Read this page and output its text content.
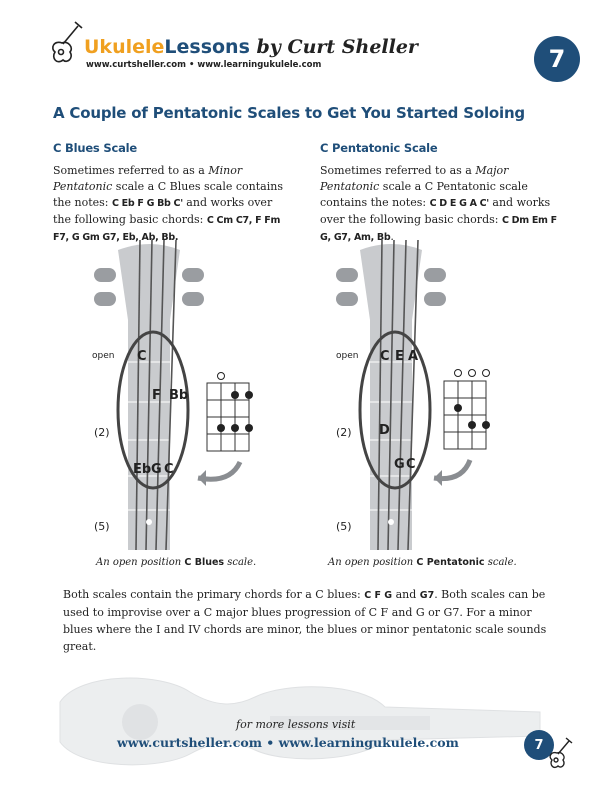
UkuleleLessons by Curt Sheller
www.curtsheller.com • www.learningukulele.com	7
A Couple of Pentatonic Scales to Get You Started Soloing
C Blues Scale
Sometimes referred to as a Minor Pentatonic scale a C Blues scale contains the notes: C Eb F G Bb C' and works over the following basic chords: C Cm C7, F Fm F7, G Gm G7, Eb, Ab, Bb.
C Pentatonic Scale
Sometimes referred to as a Major Pentatonic scale a C Pentatonic scale contains the notes: C D E G A C' and works over the following basic chords: C Dm Em F G, G7, Am, Bb.
open
(2)
(5)
C
F Bb
Eb G C
An open position C Blues scale.
open
(2)
(5)
C E A
D
G C
An open position C Pentatonic scale.
Both scales contain the primary chords for a C blues: C F G and G7. Both scales can be used to improvise over a C major blues progression of C F and G or G7. For a minor blues where the I and IV chords are minor, the blues or minor pentatonic scale sounds great.
for more lessons visit
www.curtsheller.com • www.learningukulele.com	7
